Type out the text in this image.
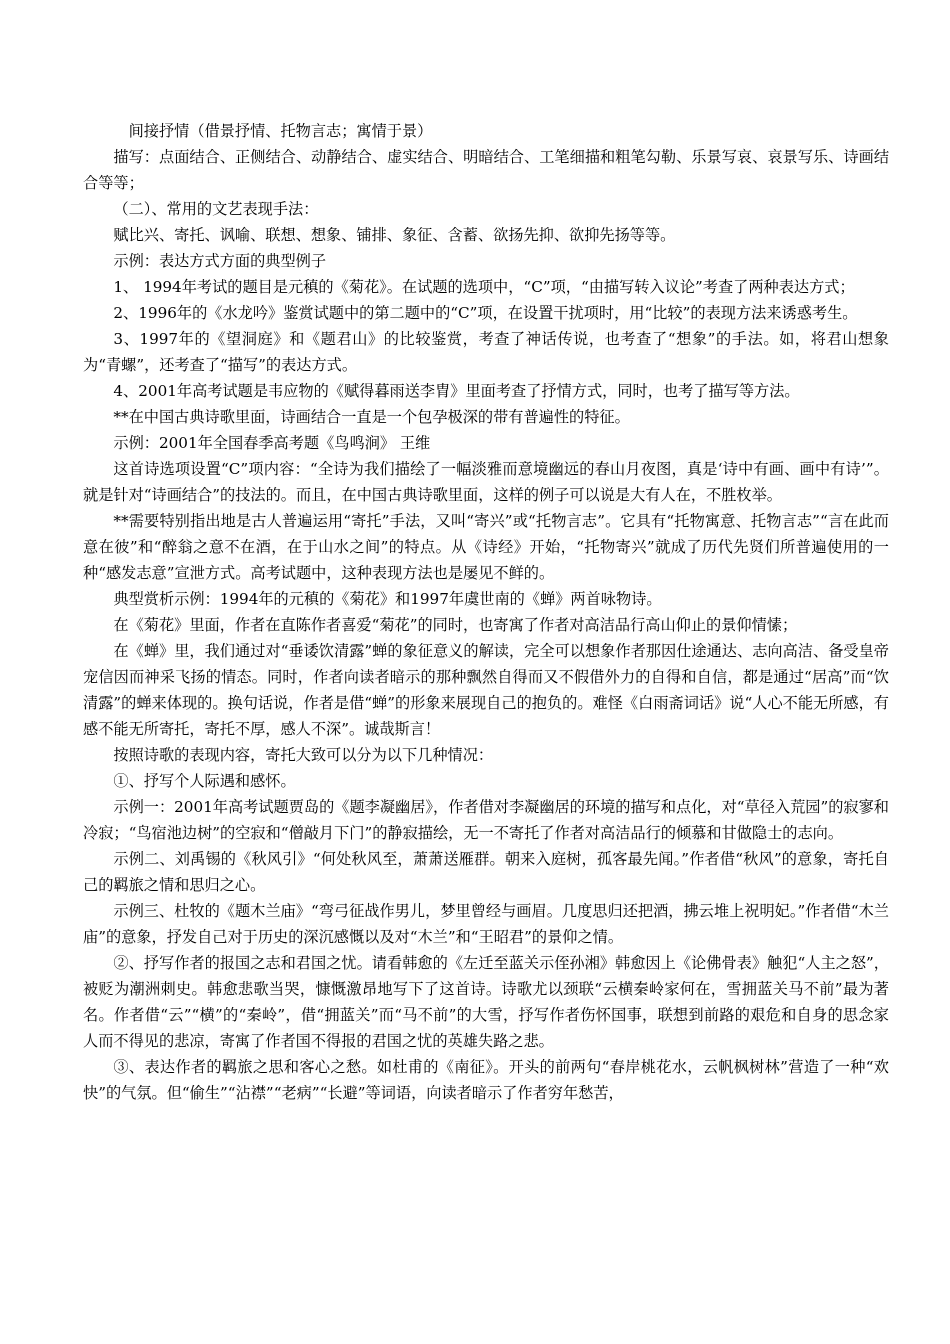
间接抒情（借景抒情、托物言志；寓情于景）

描写：点面结合、正侧结合、动静结合、虚实结合、明暗结合、工笔细描和粗笔勾勒、乐景写哀、哀景写乐、诗画结合等等；

（二）、常用的文艺表现手法：

赋比兴、寄托、讽喻、联想、想象、铺排、象征、含蓄、欲扬先抑、欲抑先扬等等。

示例：表达方式方面的典型例子

1、 1994年考试的题目是元稹的《菊花》。在试题的选项中，“C”项，“由描写转入议论”考查了两种表达方式；

2、1996年的《水龙吟》鉴赏试题中的第二题中的“C”项，在设置干扰项时，用“比较”的表现方法来诱惑考生。

3、1997年的《望洞庭》和《题君山》的比较鉴赏，考查了神话传说，也考查了“想象”的手法。如，将君山想象为“青螺”，还考查了“描写”的表达方式。

4、2001年高考试题是韦应物的《赋得暮雨送李胄》里面考查了抒情方式，同时，也考了描写等方法。

**在中国古典诗歌里面，诗画结合一直是一个包孕极深的带有普遍性的特征。

示例：2001年全国春季高考题《鸟鸣涧》 王维

这首诗选项设置“C”项内容：“全诗为我们描绘了一幅淡雅而意境幽远的春山月夜图，真是‘诗中有画、画中有诗’”。就是针对“诗画结合”的技法的。而且，在中国古典诗歌里面，这样的例子可以说是大有人在，不胜枚举。

**需要特别指出地是古人普遍运用“寄托”手法，又叫“寄兴”或“托物言志”。它具有“托物寓意、托物言志”“言在此而意在彼”和“醉翁之意不在酒，在于山水之间”的特点。从《诗经》开始，“托物寄兴”就成了历代先贤们所普遍使用的一种“感发志意”宣泄方式。高考试题中，这种表现方法也是屡见不鲜的。

典型赏析示例：1994年的元稹的《菊花》和1997年虞世南的《蝉》两首咏物诗。

在《菊花》里面，作者在直陈作者喜爱“菊花”的同时，也寄寓了作者对高洁品行高山仰止的景仰情愫；

在《蝉》里，我们通过对“垂诿饮清露”蝉的象征意义的解读，完全可以想象作者那因仕途通达、志向高洁、备受皇帝宠信因而神采飞扬的情态。同时，作者向读者暗示的那种飘然自得而又不假借外力的自得和自信，都是通过“居高”而“饮清露”的蝉来体现的。换句话说，作者是借“蝉”的形象来展现自己的抱负的。难怪《白雨斋词话》说“人心不能无所感，有感不能无所寄托，寄托不厚，感人不深”。诚哉斯言！

按照诗歌的表现内容，寄托大致可以分为以下几种情况：

①、抒写个人际遇和感怀。

示例一：2001年高考试题贾岛的《题李凝幽居》，作者借对李凝幽居的环境的描写和点化，对“草径入荒园”的寂寥和冷寂；“鸟宿池边树”的空寂和“僧敲月下门”的静寂描绘，无一不寄托了作者对高洁品行的倾慕和甘做隐士的志向。

示例二、刘禹锡的《秋风引》“何处秋风至，萧萧送雁群。朝来入庭树，孤客最先闻。”作者借“秋风”的意象，寄托自己的羁旅之情和思归之心。

示例三、杜牧的《题木兰庙》“弯弓征战作男儿，梦里曾经与画眉。几度思归还把酒，拂云堆上祝明妃。”作者借“木兰庙”的意象，抒发自己对于历史的深沉感慨以及对“木兰”和“王昭君”的景仰之情。

②、抒写作者的报国之志和君国之忧。请看韩愈的《左迁至蓝关示侄孙湘》韩愈因上《论佛骨表》触犯“人主之怒”，被贬为潮洲刺史。韩愈悲歌当哭，慷慨激昂地写下了这首诗。诗歌尤以颈联“云横秦岭家何在，雪拥蓝关马不前”最为著名。作者借“云”“横”的“秦岭”，借“拥蓝关”而“马不前”的大雪，抒写作者伤怀国事，联想到前路的艰危和自身的思念家人而不得见的悲凉，寄寓了作者国不得报的君国之忧的英雄失路之悲。

③、表达作者的羁旅之思和客心之愁。如杜甫的《南征》。开头的前两句“春岸桃花水，云帆枫树林”营造了一种“欢快”的气氛。但“偷生”“沾襟”“老病”“长避”等词语，向读者暗示了作者穷年愁苦，
